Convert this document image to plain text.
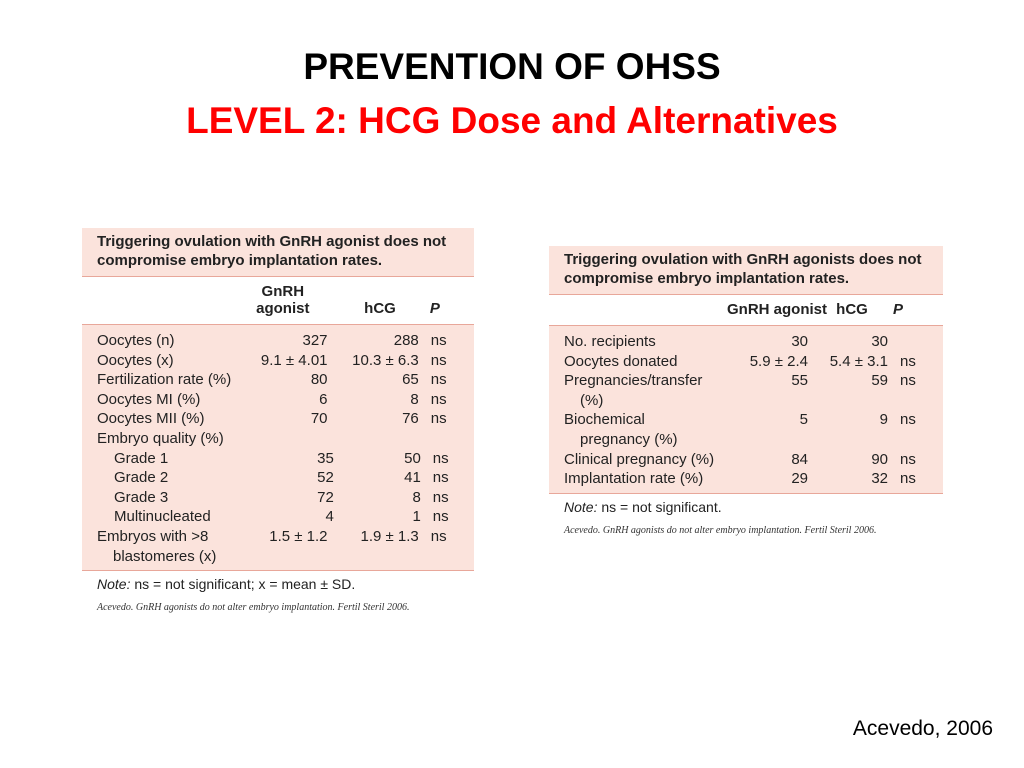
PREVENTION OF OHSS
LEVEL 2: HCG Dose and Alternatives
Triggering ovulation with GnRH agonist does not compromise embryo implantation rates.
GnRH agonist	hCG	P
Oocytes (n)	327	288 ns
Oocytes (x)	9.1 ± 4.01	10.3 ± 6.3 ns
Fertilization rate (%)	80	65 ns
Oocytes MI (%)	6	8 ns
Oocytes MII (%)	70	76 ns
Embryo quality (%)
Grade 1	35	50 ns
Grade 2	52	41 ns
Grade 3	72	8 ns
Multinucleated	4	1 ns
Embryos with >8	1.5 ± 1.2	1.9 ± 1.3 ns
blastomeres (x)
Note: ns = not significant; x = mean ± SD.
Acevedo. GnRH agonists do not alter embryo implantation. Fertil Steril 2006.
Triggering ovulation with GnRH agonists does not compromise embryo implantation rates.
GnRH agonist hCG	P
No. recipients	30	30
Oocytes donated	5.9 ± 2.4	5.4 ± 3.1 ns
Pregnancies/transfer	55	59 ns
(%)
Biochemical	5	9 ns
pregnancy (%)
Clinical pregnancy (%)	84	90 ns
Implantation rate (%)	29	32 ns
Note: ns = not significant.
Acevedo. GnRH agonists do not alter embryo implantation. Fertil Steril 2006.
Acevedo, 2006
